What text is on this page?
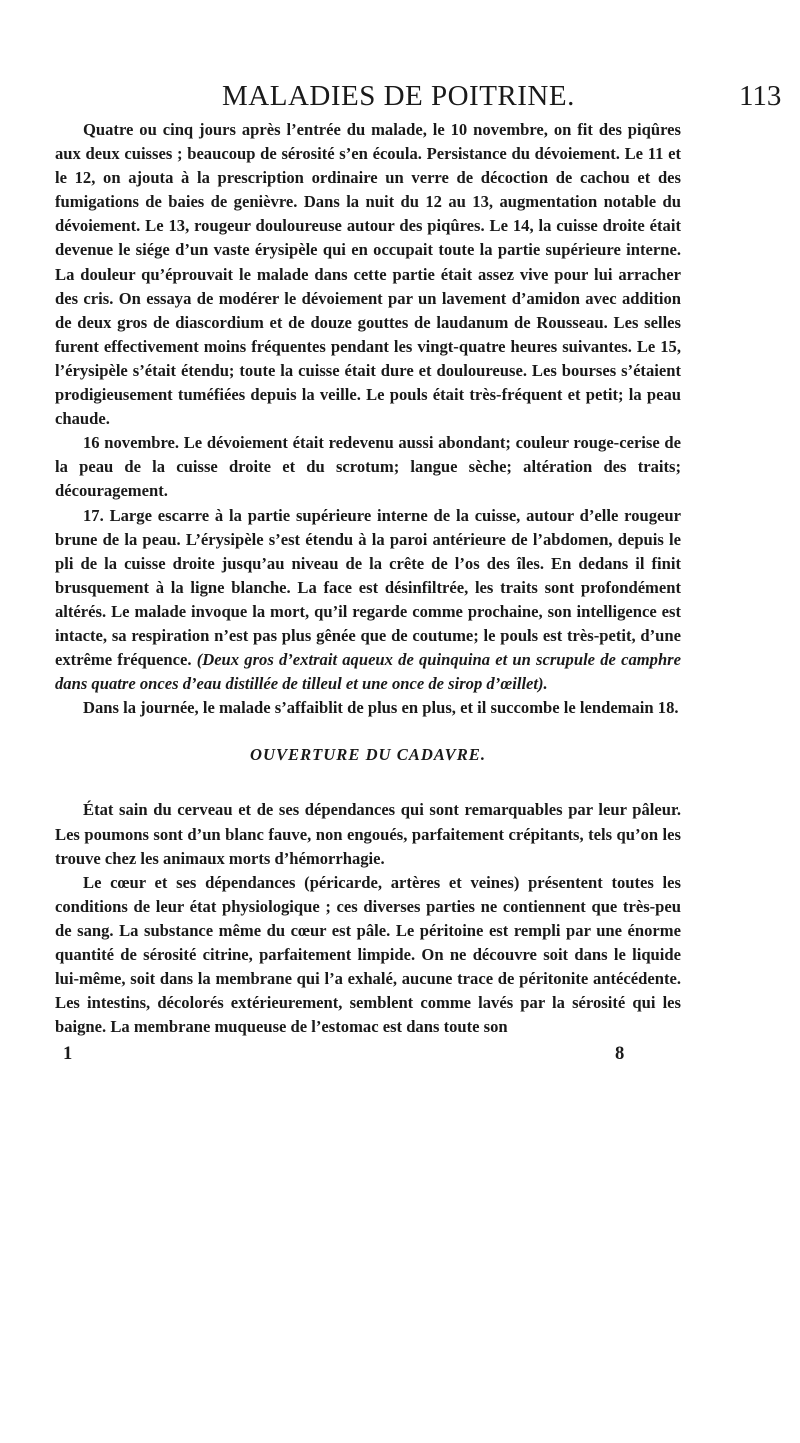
MALADIES DE POITRINE.	113

Quatre ou cinq jours après l’entrée du malade, le 10 novembre, on fit des piqûres aux deux cuisses ; beaucoup de sérosité s’en écoula. Persistance du dévoiement. Le 11 et le 12, on ajouta à la prescription ordinaire un verre de décoction de cachou et des fumigations de baies de genièvre. Dans la nuit du 12 au 13, augmentation notable du dévoiement. Le 13, rougeur douloureuse autour des piqûres. Le 14, la cuisse droite était devenue le siége d’un vaste érysipèle qui en occupait toute la partie supérieure interne. La douleur qu’éprouvait le malade dans cette partie était assez vive pour lui arracher des cris. On essaya de modérer le dévoiement par un lavement d’amidon avec addition de deux gros de diascordium et de douze gouttes de laudanum de Rousseau. Les selles furent effectivement moins fréquentes pendant les vingt-quatre heures suivantes. Le 15, l’érysipèle s’était étendu; toute la cuisse était dure et douloureuse. Les bourses s’étaient prodigieusement tuméfiées depuis la veille. Le pouls était très-fréquent et petit; la peau chaude.

16 novembre. Le dévoiement était redevenu aussi abondant; couleur rouge-cerise de la peau de la cuisse droite et du scrotum; langue sèche; altération des traits; découragement.

17. Large escarre à la partie supérieure interne de la cuisse, autour d’elle rougeur brune de la peau. L’érysipèle s’est étendu à la paroi antérieure de l’abdomen, depuis le pli de la cuisse droite jusqu’au niveau de la crête de l’os des îles. En dedans il finit brusquement à la ligne blanche. La face est désinfiltrée, les traits sont profondément altérés. Le malade invoque la mort, qu’il regarde comme prochaine, son intelligence est intacte, sa respiration n’est pas plus gênée que de coutume; le pouls est très-petit, d’une extrême fréquence. (Deux gros d’extrait aqueux de quinquina et un scrupule de camphre dans quatre onces d’eau distillée de tilleul et une once de sirop d’œillet).

Dans la journée, le malade s’affaiblit de plus en plus, et il succombe le lendemain 18.

OUVERTURE DU CADAVRE.

État sain du cerveau et de ses dépendances qui sont remarquables par leur pâleur. Les poumons sont d’un blanc fauve, non engoués, parfaitement crépitants, tels qu’on les trouve chez les animaux morts d’hémorrhagie.

Le cœur et ses dépendances (péricarde, artères et veines) présentent toutes les conditions de leur état physiologique ; ces diverses parties ne contiennent que très-peu de sang. La substance même du cœur est pâle. Le péritoine est rempli par une énorme quantité de sérosité citrine, parfaitement limpide. On ne découvre soit dans le liquide lui-même, soit dans la membrane qui l’a exhalé, aucune trace de péritonite antécédente. Les intestins, décolorés extérieurement, semblent comme lavés par la sérosité qui les baigne. La membrane muqueuse de l’estomac est dans toute son

1	8
